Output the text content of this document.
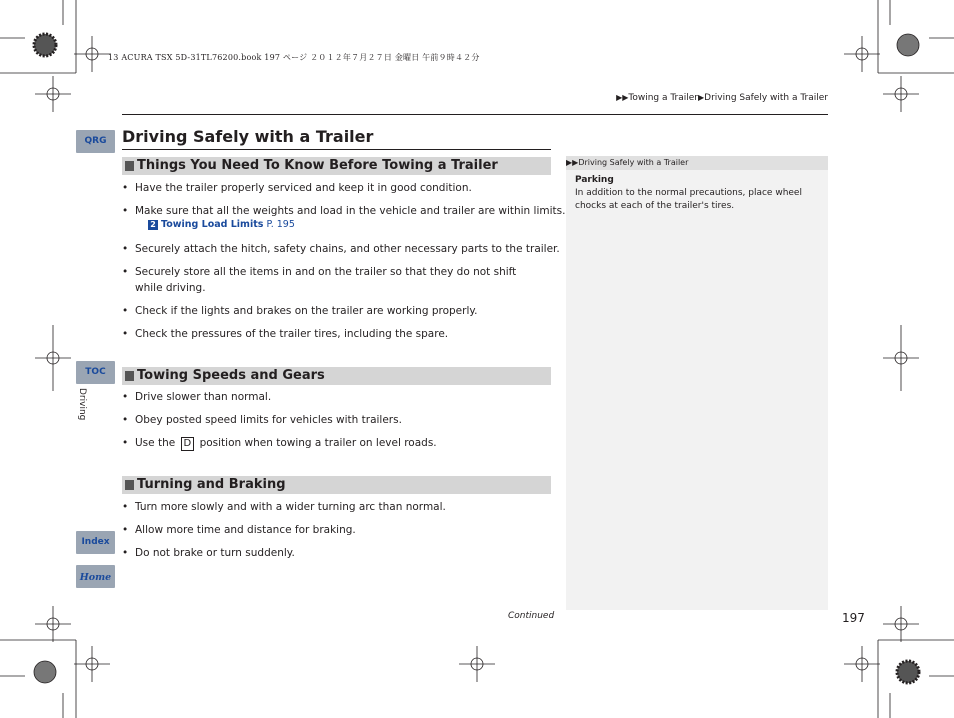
13 ACURA TSX 5D-31TL76200.book 197 ページ ２０１２年７月２７日 金曜日 午前９時４２分
▶▶Towing a Trailer▶Driving Safely with a Trailer
QRG
TOC
Driving
Index
Home
Driving Safely with a Trailer
Things You Need To Know Before Towing a Trailer
• Have the trailer properly serviced and keep it in good condition.
• Make sure that all the weights and load in the vehicle and trailer are within limits.
2 Towing Load Limits P. 195
• Securely attach the hitch, safety chains, and other necessary parts to the trailer.
• Securely store all the items in and on the trailer so that they do not shift while driving.
• Check if the lights and brakes on the trailer are working properly.
• Check the pressures of the trailer tires, including the spare.
Towing Speeds and Gears
• Drive slower than normal.
• Obey posted speed limits for vehicles with trailers.
• Use the D position when towing a trailer on level roads.
Turning and Braking
• Turn more slowly and with a wider turning arc than normal.
• Allow more time and distance for braking.
• Do not brake or turn suddenly.
▶▶Driving Safely with a Trailer
Parking
In addition to the normal precautions, place wheel chocks at each of the trailer's tires.
Continued	197
